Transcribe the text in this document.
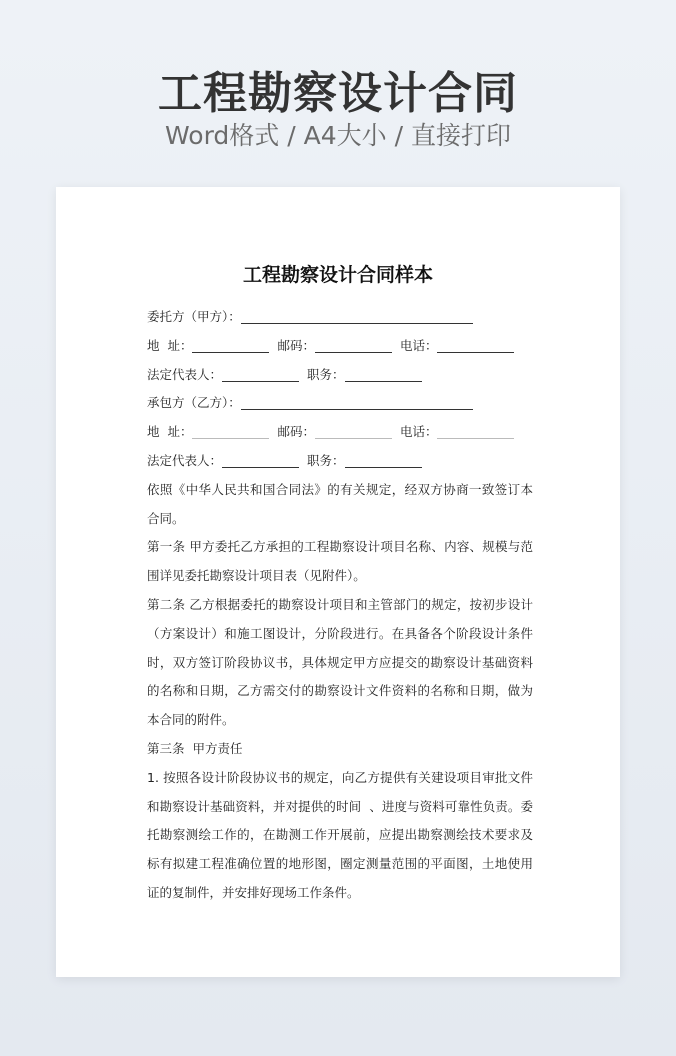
工程勘察设计合同
Word格式 / A4大小 / 直接打印
工程勘察设计合同样本
委托方（甲方）：
地  址：	邮码：	电话：
法定代表人：	职务：
承包方（乙方）：
地  址：	邮码：	电话：
法定代表人：	职务：
依照《中华人民共和国合同法》的有关规定，经双方协商一致签订本合同。
第一条 甲方委托乙方承担的工程勘察设计项目名称、内容、规模与范围详见委托勘察设计项目表（见附件）。
第二条 乙方根据委托的勘察设计项目和主管部门的规定，按初步设计（方案设计）和施工图设计，分阶段进行。在具备各个阶段设计条件时，双方签订阶段协议书，具体规定甲方应提交的勘察设计基础资料的名称和日期，乙方需交付的勘察设计文件资料的名称和日期，做为本合同的附件。
第三条  甲方责任
1. 按照各设计阶段协议书的规定，向乙方提供有关建设项目审批文件和勘察设计基础资料，并对提供的时间  、进度与资料可靠性负责。委托勘察测绘工作的，在勘测工作开展前，应提出勘察测绘技术要求及标有拟建工程准确位置的地形图，圈定测量范围的平面图，土地使用证的复制件，并安排好现场工作条件。
